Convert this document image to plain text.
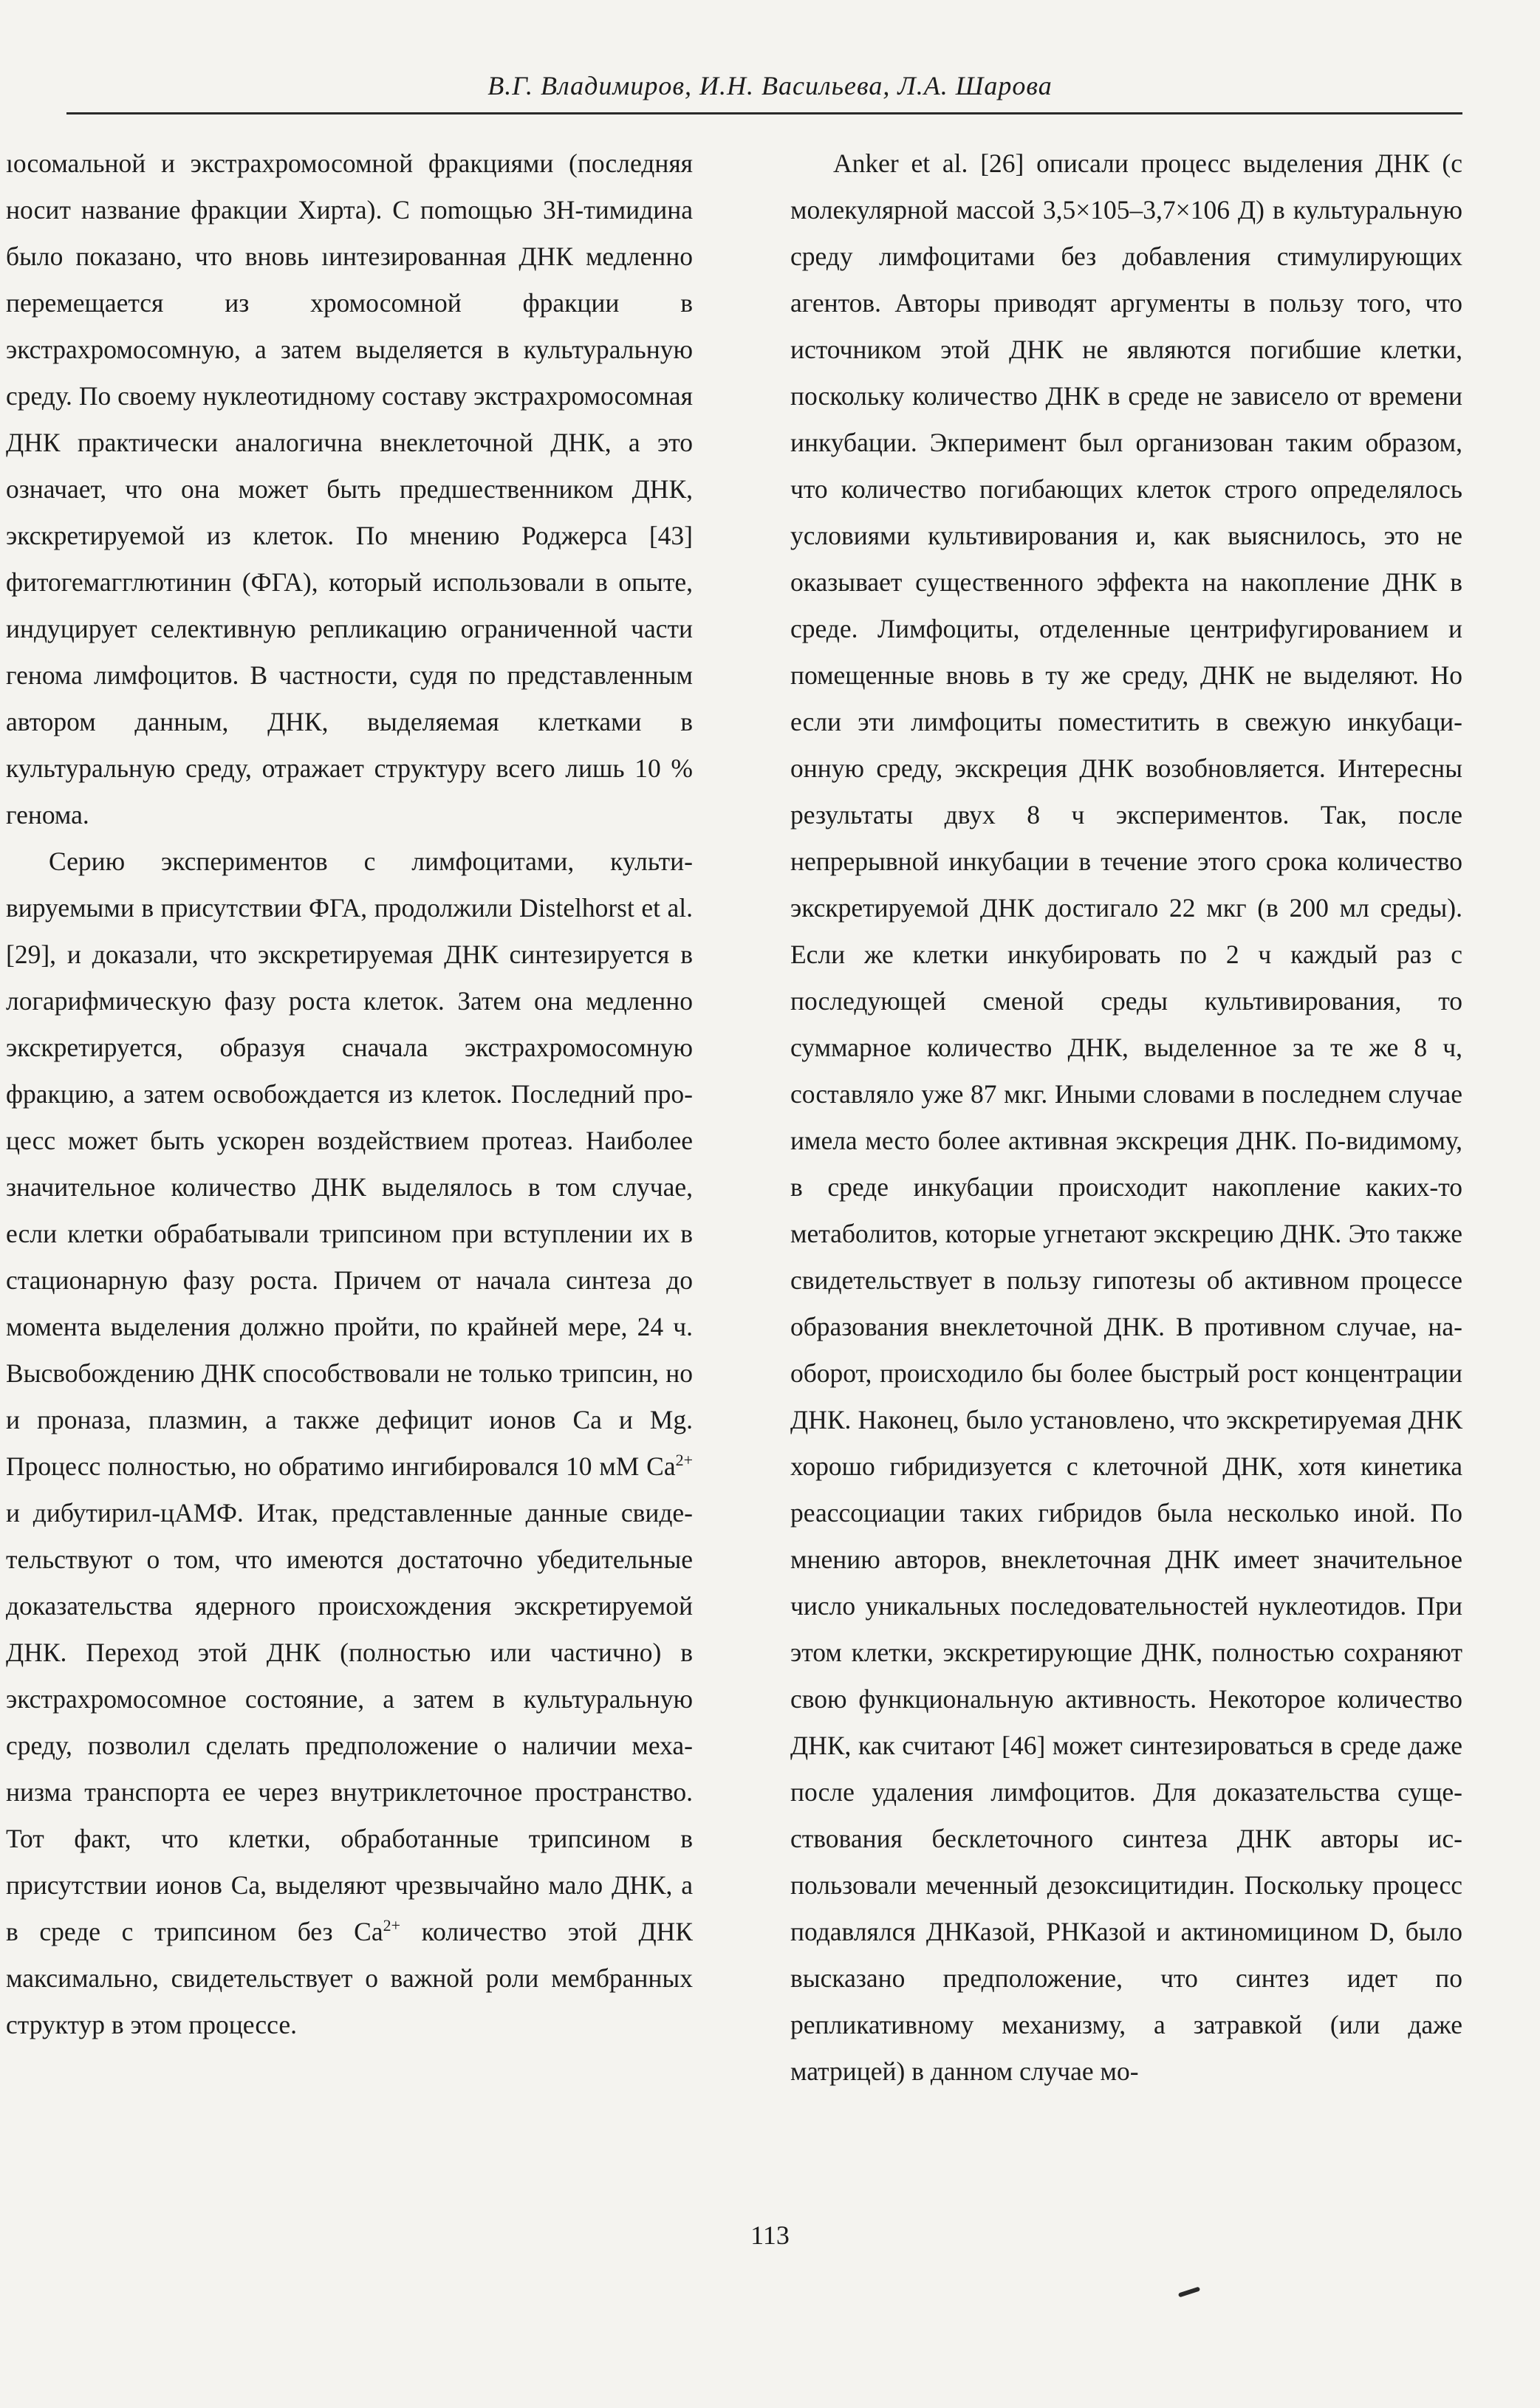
В.Г. Владимиров, И.Н. Васильева, Л.А. Шарова

ıосомальной и экстрахромосомной фракциями (последняя носит название фракции Хирта). С поmощью 3Н-тимидина было показано, что вновь ıинтезированная ДНК медленно перемещается из хромосомной фракции в экстрахромосомную, а затем выделяется в культуральную среду. По своему нуклеотидному составу экстрахромосомная ДНК практически аналогична внеклеточной ДНК, а это означает, что она может быть предшественником ДНК, экскретируемой из клеток. По мнению Роджерса [43] фитогемагглютинин (ФГА), который использовали в опыте, индуцирует селективную репликацию ограниченной части генома лимфоцитов. В частности, судя по представленным автором данным, ДНК, выделяемая клетками в культуральную среду, отражает структуру всего лишь 10 % генома.

Серию экспериментов с лимфоцитами, культивируемыми в присутствии ФГА, продолжили Distelhorst et al. [29], и доказали, что экскретируемая ДНК синтезируется в логарифмическую фазу роста клеток. Затем она медленно экскретируется, образуя сначала экстрахромосомную фракцию, а затем освобождается из клеток. Последний процесс может быть ускорен воздействием протеаз. Наиболее значительное количество ДНК выделялось в том случае, если клетки обрабатывали трипсином при вступлении их в стационарную фазу роста. Причем от начала синтеза до момента выделения должно пройти, по крайней мере, 24 ч. Высвобождению ДНК способствовали не только трипсин, но и проназа, плазмин, а также дефицит ионов Са и Mg. Процесс полностью, но обратимо ингибировался 10 мМ $Са^{2+}$ и дибутирил-цАМФ. Итак, представленные данные свидетельствуют о том, что имеются достаточно убедительные доказательства ядерного происхождения экскретируемой ДНК. Переход этой ДНК (полностью или частично) в экстрахромосомное состояние, а затем в культуральную среду, позволил сделать предположение о наличии механизма транспорта ее через внутриклеточное пространство. Тот факт, что клетки, обработанные трипсином в присутствии ионов Са, выделяют чрезвычайно мало ДНК, а в среде с трипсином без $Са^{2+}$ количество этой ДНК максимально, свидетельствует о важной роли мембранных структур в этом процессе.

Anker et al. [26] описали процесс выделения ДНК (с молекулярной массой 3,5×105–3,7×106 Д) в культуральную среду лимфоцитами без добавления стимулирующих агентов. Авторы приводят аргументы в пользу того, что источником этой ДНК не являются погибшие клетки, поскольку количество ДНК в среде не зависело от времени инкубации. Экперимент был организован таким образом, что количество погибающих клеток строго определялось условиями культивирования и, как выяснилось, это не оказывает существенного эффекта на накопление ДНК в среде. Лимфоциты, отделенные центрифугированием и помещенные вновь в ту же среду, ДНК не выделяют. Но если эти лимфоциты поместитить в свежую инкубационную среду, экскреция ДНК возобновляется. Интересны результаты двух 8 ч экспериментов. Так, после непрерывной инкубации в течение этого срока количество экскретируемой ДНК достигало 22 мкг (в 200 мл среды). Если же клетки инкубировать по 2 ч каждый раз с последующей сменой среды культивирования, то суммарное количество ДНК, выделенное за те же 8 ч, составляло уже 87 мкг. Иными словами в последнем случае имела место более активная экскреция ДНК. По-видимому, в среде инкубации происходит накопление каких-то метаболитов, которые угнетают экскрецию ДНК. Это также свидетельствует в пользу гипотезы об активном процессе образования внеклеточной ДНК. В противном случае, наоборот, происходило бы более быстрый рост концентрации ДНК. Наконец, было установлено, что экскретируемая ДНК хорошо гибридизуется с клеточной ДНК, хотя кинетика реассоциации таких гибридов была несколько иной. По мнению авторов, внеклеточная ДНК имеет значительное число уникальных последовательностей нуклеотидов. При этом клетки, экскретирующие ДНК, полностью сохраняют свою функциональную активность. Некоторое количество ДНК, как считают [46] может синтезироваться в среде даже после удаления лимфоцитов. Для доказательства существования бесклеточного синтеза ДНК авторы использовали меченный дезоксицитидин. Поскольку процесс подавлялся ДНКазой, РНКазой и актиномицином D, было высказано предположение, что синтез идет по репликативному механизму, а затравкой (или даже матрицей) в данном случае мо-

113
